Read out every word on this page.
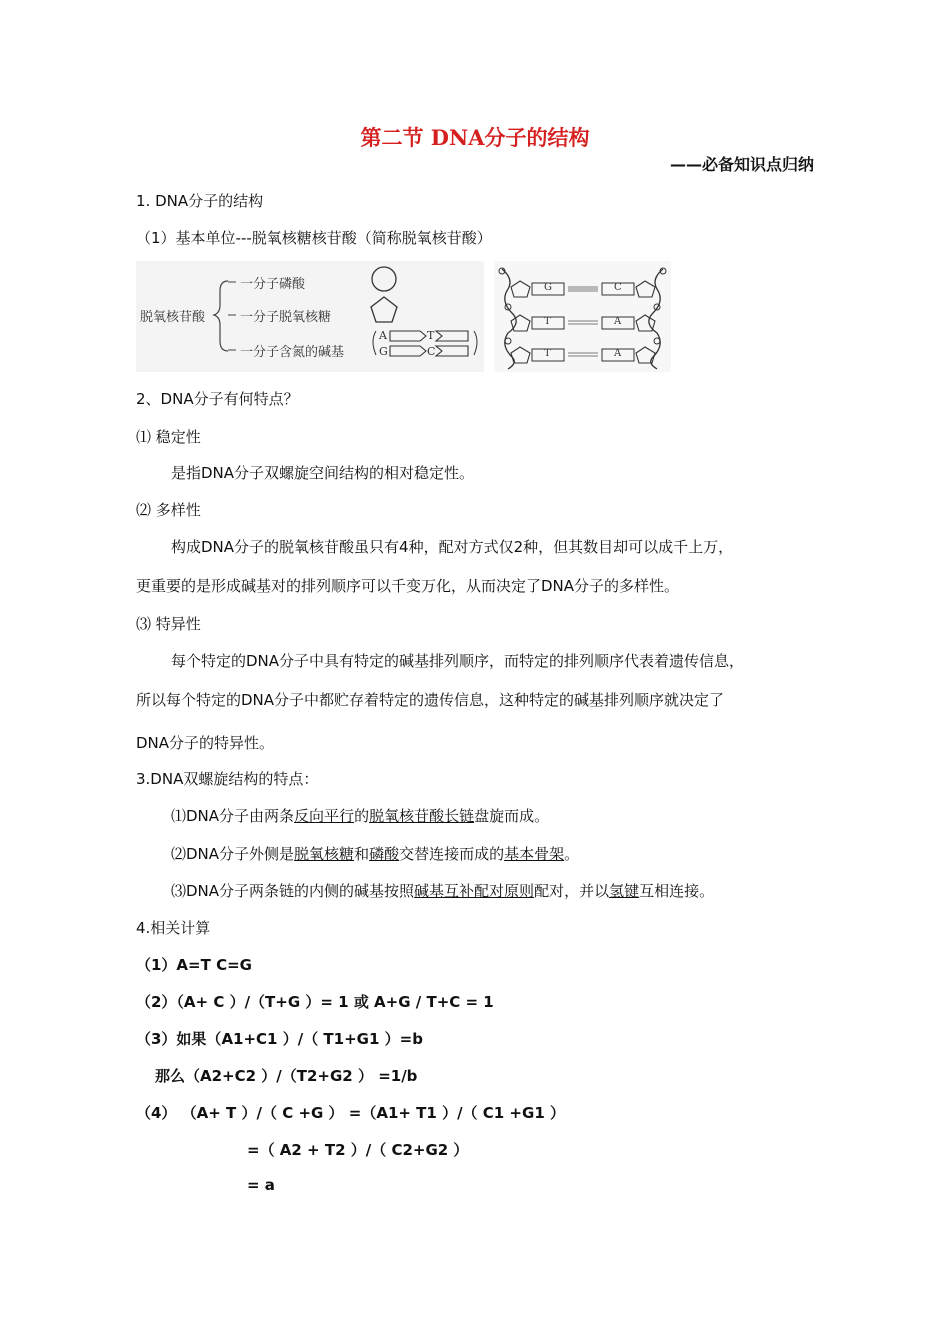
第二节 DNA分子的结构
——必备知识点归纳
1. DNA分子的结构
（1）基本单位---脱氧核糖核苷酸（简称脱氧核苷酸）
脱氧核苷酸
一分子磷酸
一分子脱氧核糖
一分子含氮的碱基
A
G
T
C
G
T
T
C
A
A
2、DNA分子有何特点？
⑴ 稳定性
是指DNA分子双螺旋空间结构的相对稳定性。
⑵ 多样性
构成DNA分子的脱氧核苷酸虽只有4种，配对方式仅2种，但其数目却可以成千上万，
更重要的是形成碱基对的排列顺序可以千变万化，从而决定了DNA分子的多样性。
⑶ 特异性
每个特定的DNA分子中具有特定的碱基排列顺序，而特定的排列顺序代表着遗传信息，
所以每个特定的DNA分子中都贮存着特定的遗传信息，这种特定的碱基排列顺序就决定了
DNA分子的特异性。
3.DNA双螺旋结构的特点：
⑴DNA分子由两条反向平行的脱氧核苷酸长链盘旋而成。
⑵DNA分子外侧是脱氧核糖和磷酸交替连接而成的基本骨架。
⑶DNA分子两条链的内侧的碱基按照碱基互补配对原则配对，并以氢键互相连接。
4.相关计算
（1）A=T C=G
（2）（A+ C ）/（T+G ）= 1 或 A+G / T+C = 1
（3）如果（A1+C1 ）/（ T1+G1 ）=b
那么（A2+C2 ）/（T2+G2 ） =1/b
（4） （A+ T ）/（ C +G ） =（A1+ T1 ）/（ C1 +G1 ）
=（ A2 + T2 ）/（ C2+G2 ）
= a
